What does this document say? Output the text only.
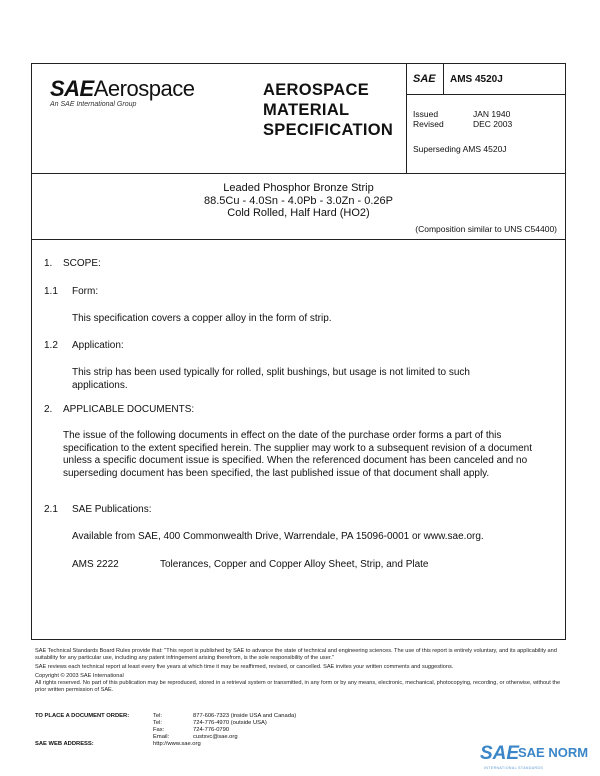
SAEAerospace
An SAE International Group
AEROSPACE
MATERIAL
SPECIFICATION
SAE AMS 4520J
Issued	JAN 1940
Revised	DEC 2003
Superseding AMS 4520J
Leaded Phosphor Bronze Strip
88.5Cu - 4.0Sn - 4.0Pb - 3.0Zn - 0.26P
Cold Rolled, Half Hard (HO2)
(Composition similar to UNS C54400)
1. SCOPE:
1.1 Form:
This specification covers a copper alloy in the form of strip.
1.2 Application:
This strip has been used typically for rolled, split bushings, but usage is not limited to such applications.
2. APPLICABLE DOCUMENTS:
The issue of the following documents in effect on the date of the purchase order forms a part of this specification to the extent specified herein. The supplier may work to a subsequent revision of a document unless a specific document issue is specified. When the referenced document has been canceled and no superseding document has been specified, the last published issue of that document shall apply.
2.1 SAE Publications:
Available from SAE, 400 Commonwealth Drive, Warrendale, PA 15096-0001 or www.sae.org.
AMS 2222	Tolerances, Copper and Copper Alloy Sheet, Strip, and Plate

SAE Technical Standards Board Rules provide that: "This report is published by SAE to advance the state of technical and engineering sciences. The use of this report is entirely voluntary, and its applicability and suitability for any particular use, including any patent infringement arising therefrom, is the sole responsibility of the user."

SAE reviews each technical report at least every five years at which time it may be reaffirmed, revised, or cancelled. SAE invites your written comments and suggestions.

Copyright © 2003 SAE International

All rights reserved. No part of this publication may be reproduced, stored in a retrieval system or transmitted, in any form or by any means, electronic, mechanical, photocopying, recording, or otherwise, without the prior written permission of SAE.

TO PLACE A DOCUMENT ORDER:	Tel:	877-606-7323 (inside USA and Canada)
Tel:	724-776-4970 (outside USA)
Fax:	724-776-0790
Email:	custsvc@sae.org
SAE WEB ADDRESS:	http://www.sae.org	SAE
SAE NORM
INTERNATIONAL STANDARDS
